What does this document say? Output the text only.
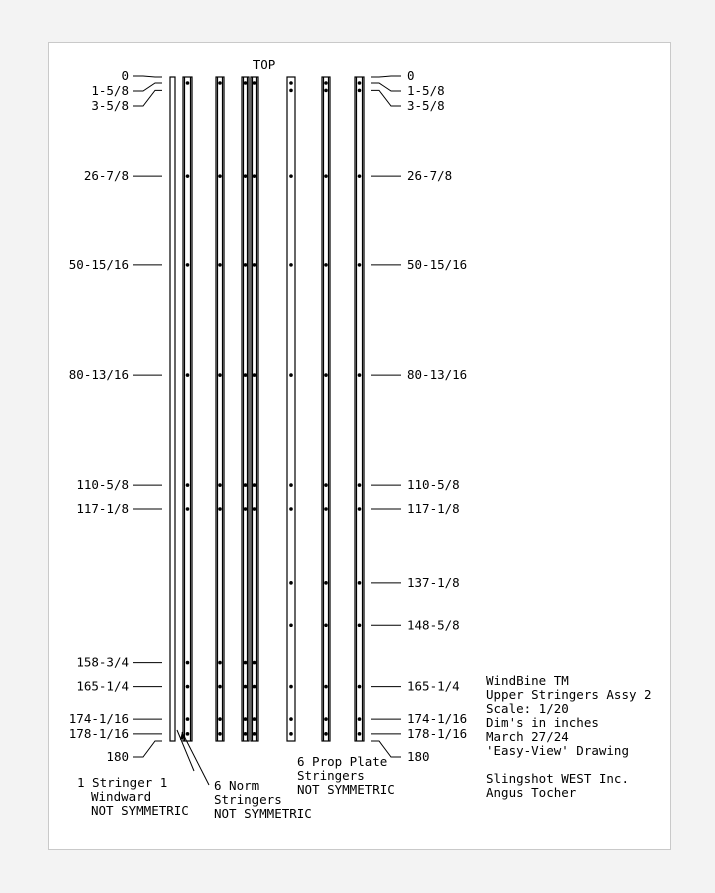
TOP
0
1-5/8
3-5/8
26-7/8
50-15/16
80-13/16
110-5/8
117-1/8
158-3/4
165-1/4
174-1/16
178-1/16
180
0
1-5/8
3-5/8
26-7/8
50-15/16
80-13/16
110-5/8
117-1/8
137-1/8
148-5/8
165-1/4
174-1/16
178-1/16
180
1 Stringer 1 Windward NOT SYMMETRIC
6 Norm Stringers NOT SYMMETRIC
6 Prop Plate Stringers NOT SYMMETRIC
WindBine TM Upper Stringers Assy 2 Scale: 1/20 Dim's in inches March 27/24 'Easy-View' Drawing Slingshot WEST Inc. Angus Tocher
